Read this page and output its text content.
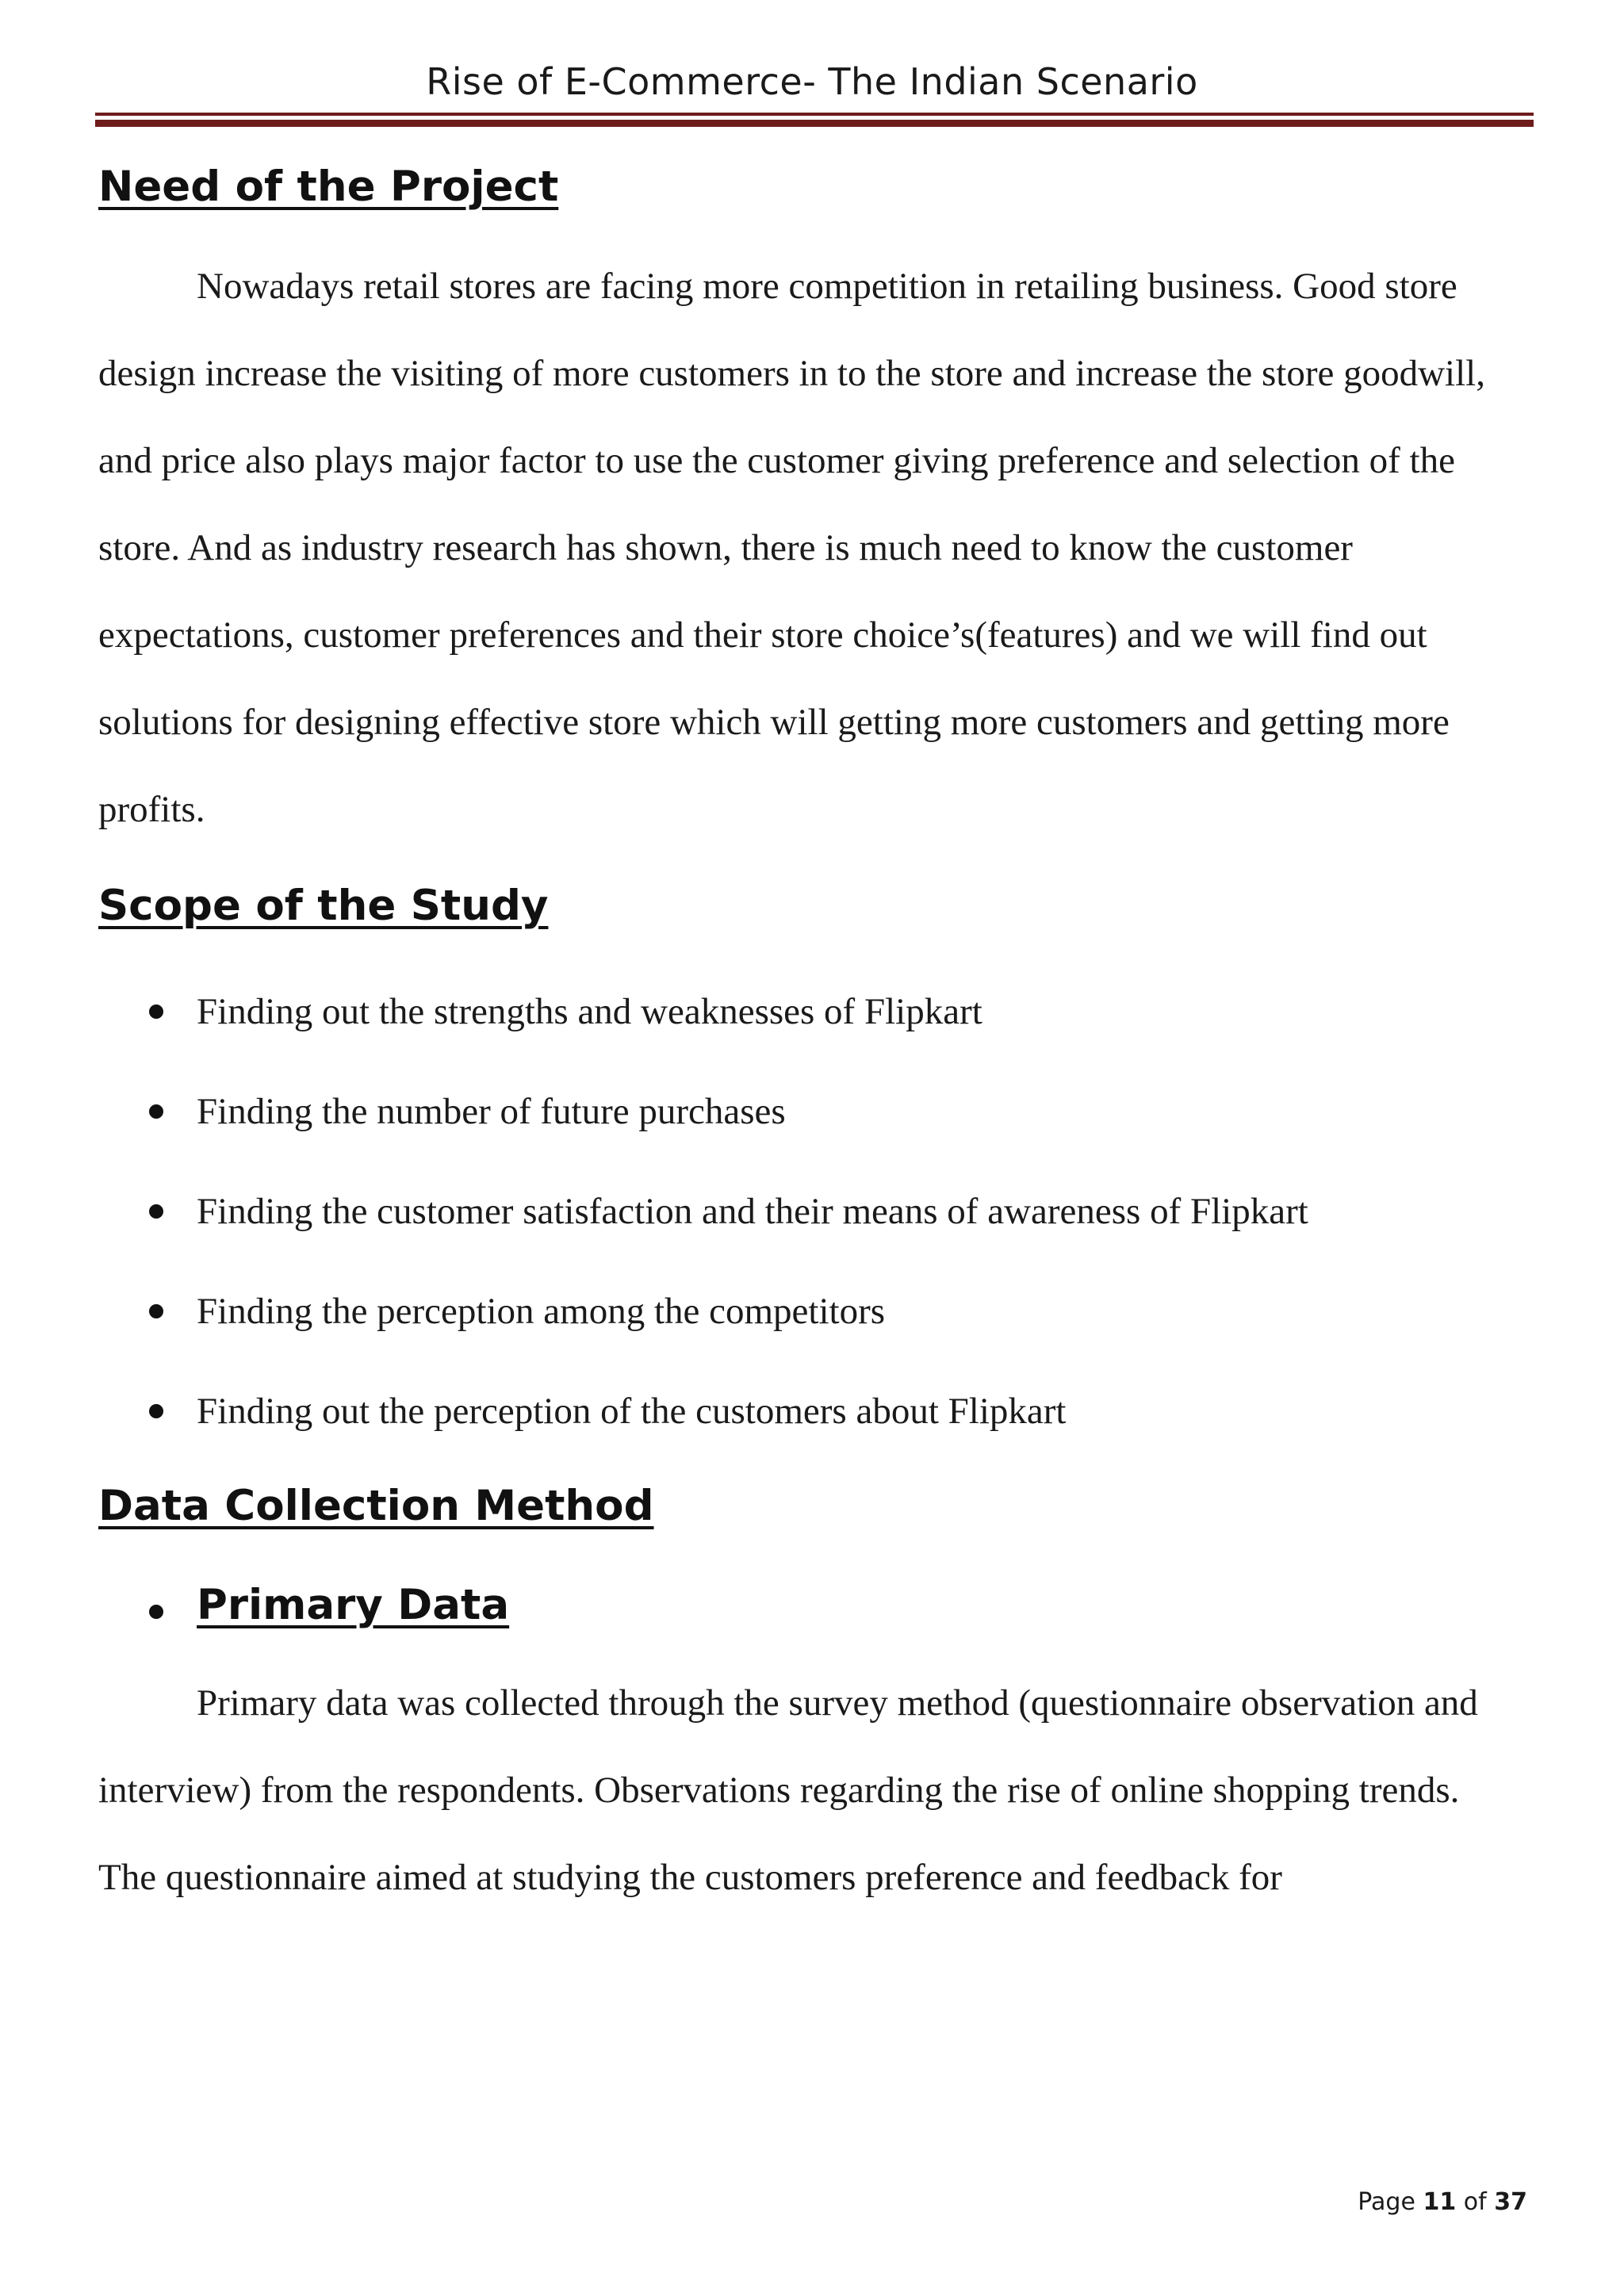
Rise of E-Commerce- The Indian Scenario
Need of the Project

Nowadays retail stores are facing more competition in retailing business. Good store design increase the visiting of more customers in to the store and increase the store goodwill, and price also plays major factor to use the customer giving preference and selection of the store. And as industry research has shown, there is much need to know the customer expectations, customer preferences and their store choice’s(features) and we will find out solutions for designing effective store which will getting more customers and getting more profits.

Scope of the Study
Finding out the strengths and weaknesses of Flipkart
Finding the number of future purchases
Finding the customer satisfaction and their means of awareness of Flipkart
Finding the perception among the competitors
Finding out the perception of the customers about Flipkart
Data Collection Method
Primary Data

Primary data was collected through the survey method (questionnaire observation and interview) from the respondents. Observations regarding the rise of online shopping trends. The questionnaire aimed at studying the customers preference and feedback for

Page 11 of 37
